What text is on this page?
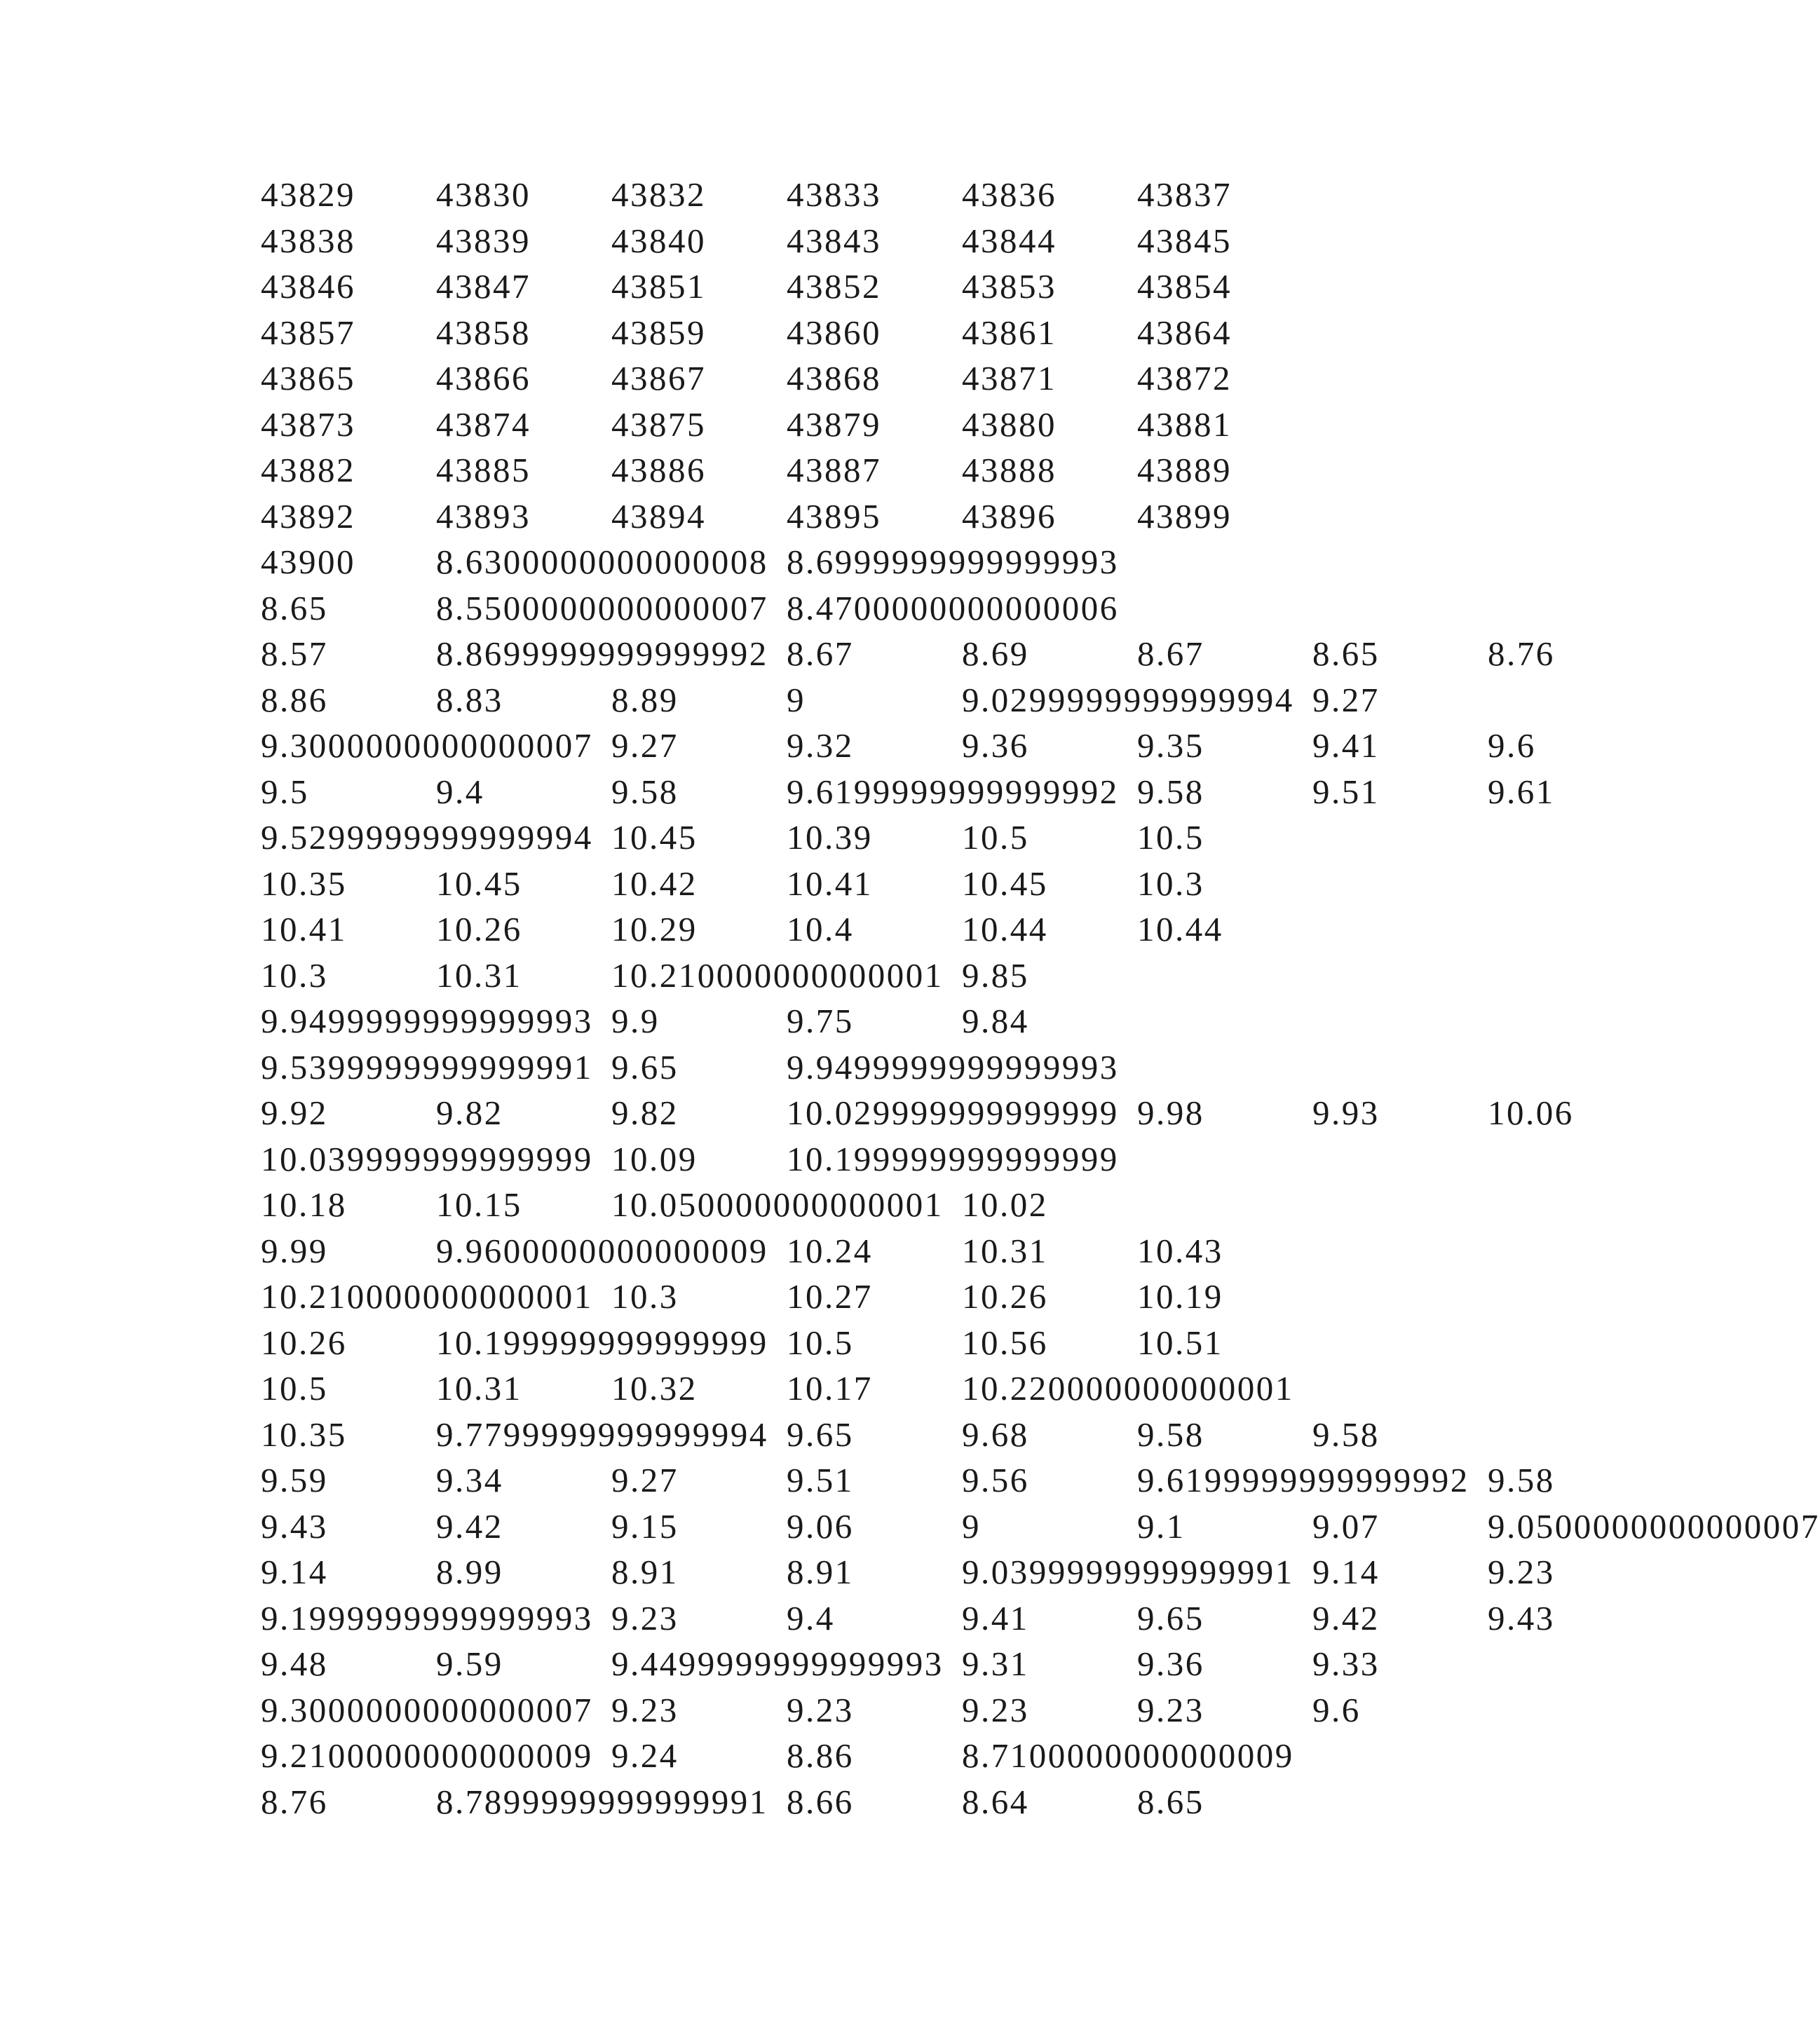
43829 43830 43832 43833 43836 43837
43838 43839 43840 43843 43844 43845
43846 43847 43851 43852 43853 43854
43857 43858 43859 43860 43861 43864
43865 43866 43867 43868 43871 43872
43873 43874 43875 43879 43880 43881
43882 43885 43886 43887 43888 43889
43892 43893 43894 43895 43896 43899
43900 8.6300000000000008 8.6999999999999993
8.65	8.5500000000000007 8.4700000000000006
8.57	8.8699999999999992 8.67	8.69	8.67	8.65	8.76
8.86	8.83	8.89	9	9.0299999999999994 9.27
9.3000000000000007 9.27	9.32	9.36	9.35	9.41	9.6
9.5	9.4	9.58	9.6199999999999992 9.58	9.51	9.61
9.5299999999999994 10.45	10.39	10.5	10.5
10.35	10.45	10.42	10.41	10.45	10.3
10.41	10.26	10.29	10.4	10.44	10.44
10.3	10.31	10.210000000000001 9.85
9.9499999999999993 9.9	9.75	9.84
9.5399999999999991 9.65	9.9499999999999993
9.92	9.82	9.82	10.029999999999999 9.98	9.93	10.06
10.039999999999999 10.09	10.199999999999999
10.18	10.15	10.050000000000001 10.02
9.99	9.9600000000000009 10.24	10.31	10.43
10.210000000000001 10.3	10.27	10.26	10.19
10.26	10.199999999999999 10.5	10.56	10.51
10.5	10.31	10.32	10.17	10.220000000000001
10.35	9.7799999999999994 9.65	9.68	9.58	9.58
9.59	9.34	9.27	9.51	9.56	9.6199999999999992 9.58
9.43	9.42	9.15	9.06	9	9.1	9.07	9.0500000000000007
9.14	8.99	8.91	8.91	9.0399999999999991 9.14	9.23
9.1999999999999993 9.23	9.4	9.41	9.65	9.42	9.43
9.48	9.59	9.4499999999999993 9.31	9.36	9.33
9.3000000000000007 9.23	9.23	9.23	9.23	9.6
9.2100000000000009 9.24	8.86	8.7100000000000009
8.76	8.7899999999999991 8.66	8.64	8.65
